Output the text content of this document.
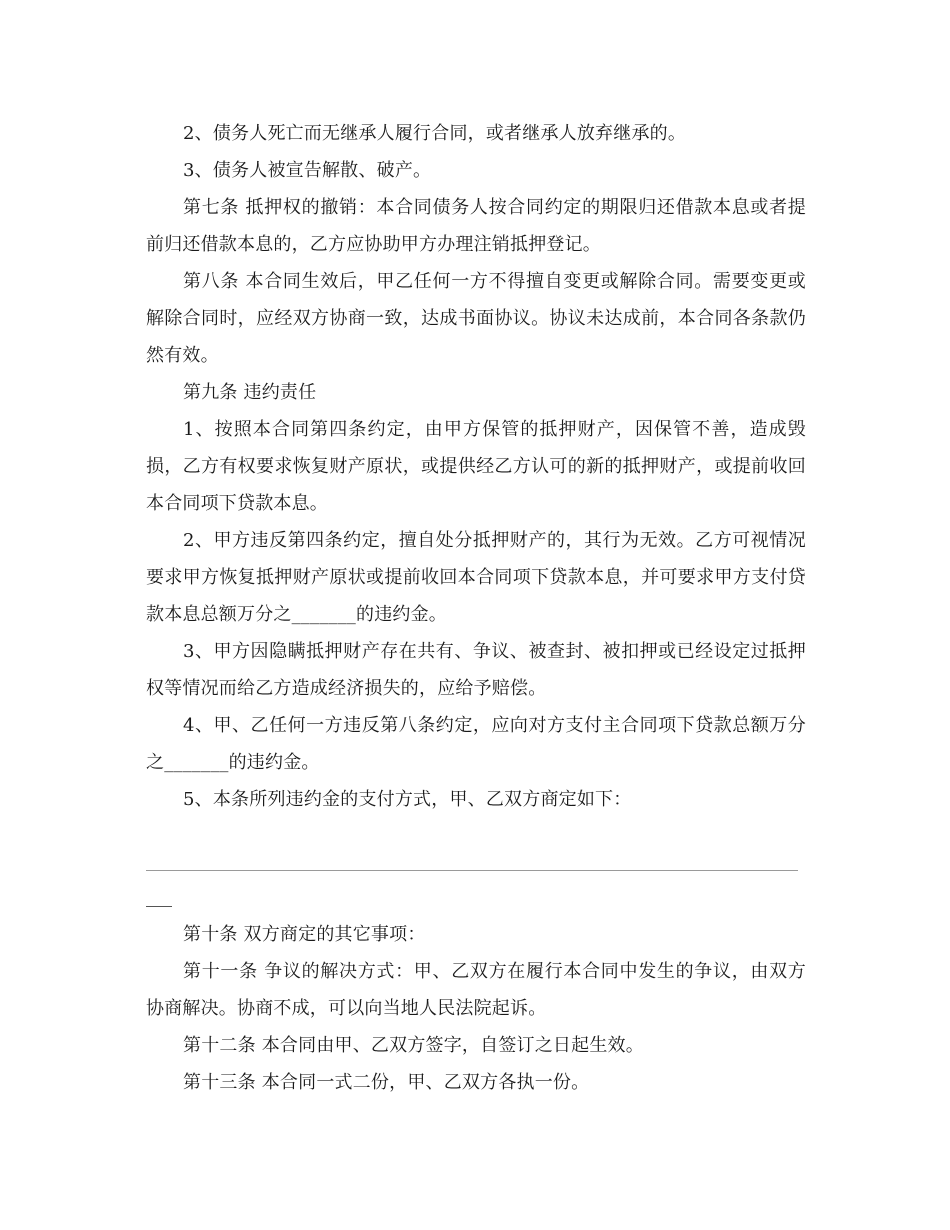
2、债务人死亡而无继承人履行合同，或者继承人放弃继承的。

3、债务人被宣告解散、破产。

第七条 抵押权的撤销：本合同债务人按合同约定的期限归还借款本息或者提前归还借款本息的，乙方应协助甲方办理注销抵押登记。

第八条 本合同生效后，甲乙任何一方不得擅自变更或解除合同。需要变更或解除合同时，应经双方协商一致，达成书面协议。协议未达成前，本合同各条款仍然有效。

第九条 违约责任

1、按照本合同第四条约定，由甲方保管的抵押财产，因保管不善，造成毁损，乙方有权要求恢复财产原状，或提供经乙方认可的新的抵押财产，或提前收回本合同项下贷款本息。

2、甲方违反第四条约定，擅自处分抵押财产的，其行为无效。乙方可视情况要求甲方恢复抵押财产原状或提前收回本合同项下贷款本息，并可要求甲方支付贷款本息总额万分之_______的违约金。

3、甲方因隐瞒抵押财产存在共有、争议、被查封、被扣押或已经设定过抵押权等情况而给乙方造成经济损失的，应给予赔偿。

4、甲、乙任何一方违反第八条约定，应向对方支付主合同项下贷款总额万分之_______的违约金。

5、本条所列违约金的支付方式，甲、乙双方商定如下：

第十条 双方商定的其它事项：

第十一条 争议的解决方式：甲、乙双方在履行本合同中发生的争议，由双方协商解决。协商不成，可以向当地人民法院起诉。

第十二条 本合同由甲、乙双方签字，自签订之日起生效。

第十三条 本合同一式二份，甲、乙双方各执一份。
